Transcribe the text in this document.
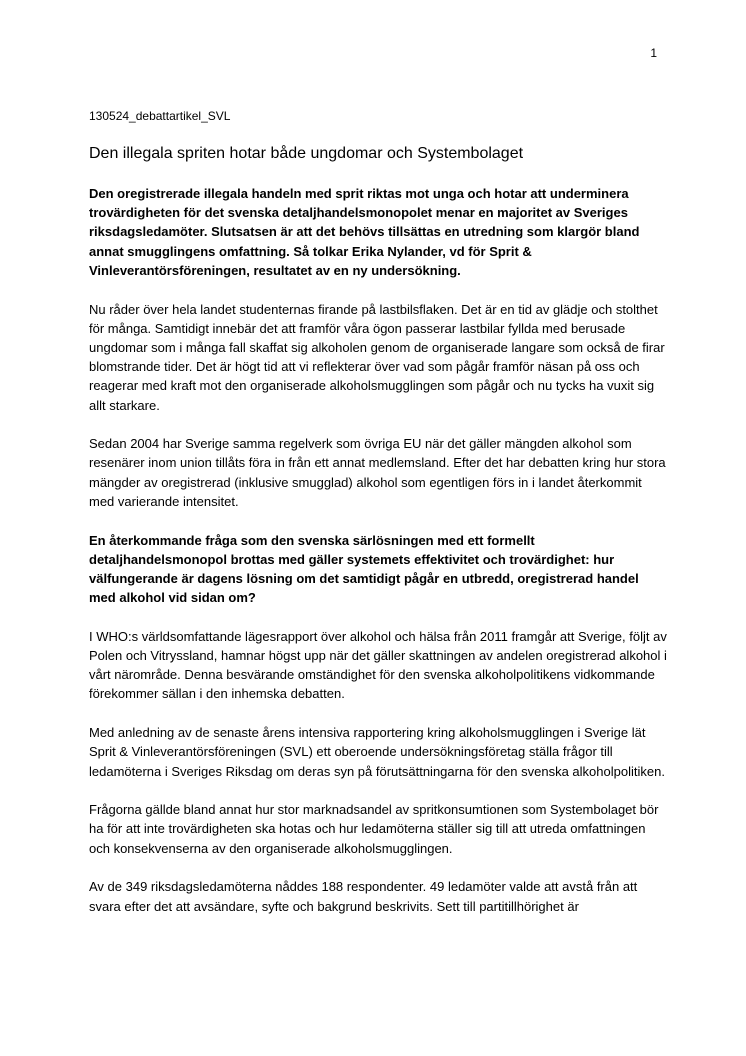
1
130524_debattartikel_SVL
Den illegala spriten hotar både ungdomar och Systembolaget

Den oregistrerade illegala handeln med sprit riktas mot unga och hotar att underminera trovärdigheten för det svenska detaljhandelsmonopolet menar en majoritet av Sveriges riksdagsledamöter. Slutsatsen är att det behövs tillsättas en utredning som klargör bland annat smugglingens omfattning. Så tolkar Erika Nylander, vd för Sprit & Vinleverantörsföreningen, resultatet av en ny undersökning.

Nu råder över hela landet studenternas firande på lastbilsflaken. Det är en tid av glädje och stolthet för många. Samtidigt innebär det att framför våra ögon passerar lastbilar fyllda med berusade ungdomar som i många fall skaffat sig alkoholen genom de organiserade langare som också de firar blomstrande tider. Det är högt tid att vi reflekterar över vad som pågår framför näsan på oss och reagerar med kraft mot den organiserade alkoholsmugglingen som pågår och nu tycks ha vuxit sig allt starkare.

Sedan 2004 har Sverige samma regelverk som övriga EU när det gäller mängden alkohol som resenärer inom union tillåts föra in från ett annat medlemsland. Efter det har debatten kring hur stora mängder av oregistrerad (inklusive smugglad) alkohol som egentligen förs in i landet återkommit med varierande intensitet.

En återkommande fråga som den svenska särlösningen med ett formellt detaljhandelsmonopol brottas med gäller systemets effektivitet och trovärdighet: hur välfungerande är dagens lösning om det samtidigt pågår en utbredd, oregistrerad handel med alkohol vid sidan om?

I WHO:s världsomfattande lägesrapport över alkohol och hälsa från 2011 framgår att Sverige, följt av Polen och Vitryssland, hamnar högst upp när det gäller skattningen av andelen oregistrerad alkohol i vårt närområde. Denna besvärande omständighet för den svenska alkoholpolitikens vidkommande förekommer sällan i den inhemska debatten.

Med anledning av de senaste årens intensiva rapportering kring alkoholsmugglingen i Sverige lät Sprit & Vinleverantörsföreningen (SVL) ett oberoende undersökningsföretag ställa frågor till ledamöterna i Sveriges Riksdag om deras syn på förutsättningarna för den svenska alkoholpolitiken.

Frågorna gällde bland annat hur stor marknadsandel av spritkonsumtionen som Systembolaget bör ha för att inte trovärdigheten ska hotas och hur ledamöterna ställer sig till att utreda omfattningen och konsekvenserna av den organiserade alkoholsmugglingen.

Av de 349 riksdagsledamöterna nåddes 188 respondenter. 49 ledamöter valde att avstå från att svara efter det att avsändare, syfte och bakgrund beskrivits. Sett till partitillhörighet är
